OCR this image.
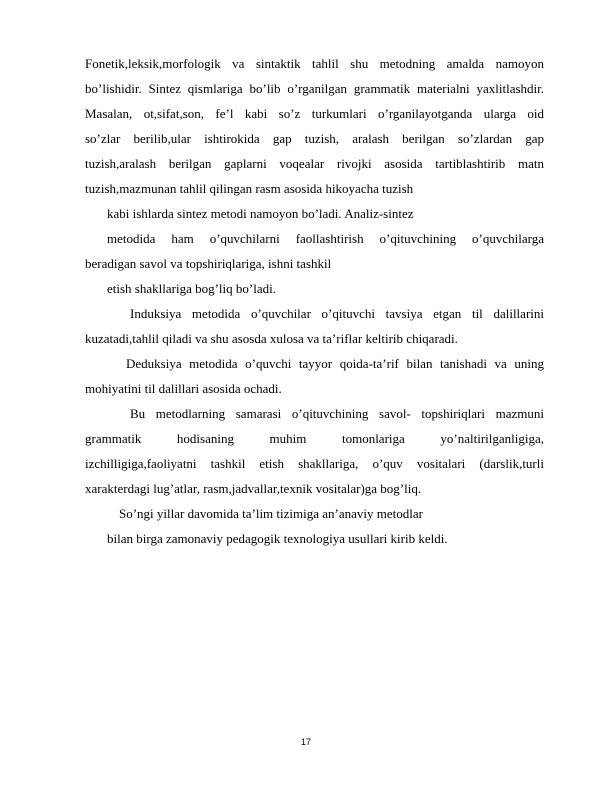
Fonetik,leksik,morfologik va sintaktik tahlil shu metodning amalda namoyon
bo’lishidir. Sintez qismlariga bo’lib o’rganilgan grammatik materialni yaxlitlashdir.
Masalan, ot,sifat,son, fe’l kabi so’z turkumlari o’rganilayotganda ularga oid
so’zlar berilib,ular ishtirokida gap tuzish, aralash berilgan so’zlardan gap
tuzish,aralash berilgan gaplarni voqealar rivojki asosida tartiblashtirib matn
tuzish,mazmunan tahlil qilingan rasm asosida hikoyacha tuzish
kabi ishlarda sintez metodi namoyon bo’ladi. Analiz-sintez
metodida ham o’quvchilarni faollashtirish o’qituvchining o’quvchilarga
beradigan savol va topshiriqlariga, ishni tashkil
etish shakllariga bog’liq bo’ladi.
Induksiya metodida o’quvchilar o’qituvchi tavsiya etgan til dalillarini
kuzatadi,tahlil qiladi va shu asosda xulosa va ta’riflar keltirib chiqaradi.
Deduksiya metodida o’quvchi tayyor qoida-ta’rif bilan tanishadi va uning
mohiyatini til dalillari asosida ochadi.
Bu metodlarning samarasi o’qituvchining savol- topshiriqlari mazmuni
grammatik hodisaning muhim tomonlariga yo’naltirilganligiga,
izchilligiga,faoliyatni tashkil etish shakllariga, o’quv vositalari (darslik,turli
xarakterdagi lug’atlar, rasm,jadvallar,texnik vositalar)ga bog’liq.
So’ngi yillar davomida ta’lim tizimiga an’anaviy metodlar
bilan birga zamonaviy pedagogik texnologiya usullari kirib keldi.
17
